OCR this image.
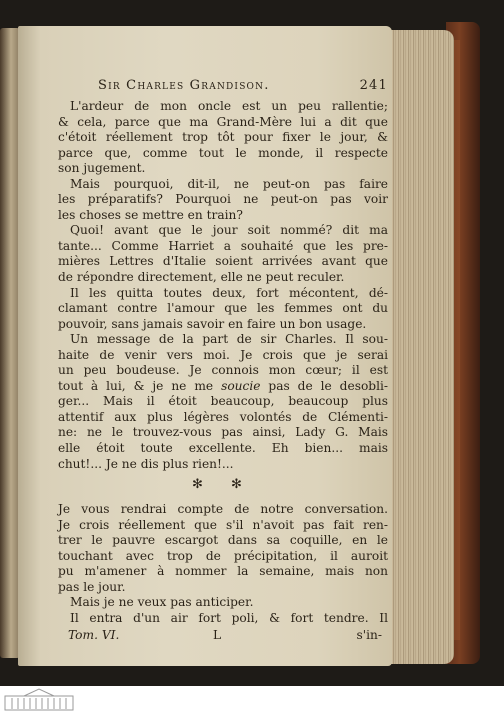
Sir Charles Grandison.	241
L'ardeur de mon oncle est un peu rallentie;
& cela, parce que ma Grand-Mère lui a dit que
c'étoit réellement trop tôt pour fixer le jour, &
parce que, comme tout le monde, il respecte
son jugement.
Mais pourquoi, dit-il, ne peut-on pas faire
les préparatifs? Pourquoi ne peut-on pas voir
les choses se mettre en train?
Quoi! avant que le jour soit nommé? dit ma
tante... Comme Harriet a souhaité que les pre-
mières Lettres d'Italie soient arrivées avant que
de répondre directement, elle ne peut reculer.
Il les quitta toutes deux, fort mécontent, dé-
clamant contre l'amour que les femmes ont du
pouvoir, sans jamais savoir en faire un bon usage.
Un message de la part de sir Charles. Il sou-
haite de venir vers moi. Je crois que je serai
un peu boudeuse. Je connois mon cœur; il est
tout à lui, & je ne me soucie pas de le desobli-
ger... Mais il étoit beaucoup, beaucoup plus
attentif aux plus légères volontés de Clémenti-
ne: ne le trouvez-vous pas ainsi, Lady G. Mais
elle étoit toute excellente. Eh bien... mais
chut!... Je ne dis plus rien!...
✻ ✻
Je vous rendrai compte de notre conversation.
Je crois réellement que s'il n'avoit pas fait ren-
trer le pauvre escargot dans sa coquille, en le
touchant avec trop de précipitation, il auroit
pu m'amener à nommer la semaine, mais non
pas le jour.
Mais je ne veux pas anticiper.
Il entra d'un air fort poli, & fort tendre. Il
Tom. VI.	L	s'in-
